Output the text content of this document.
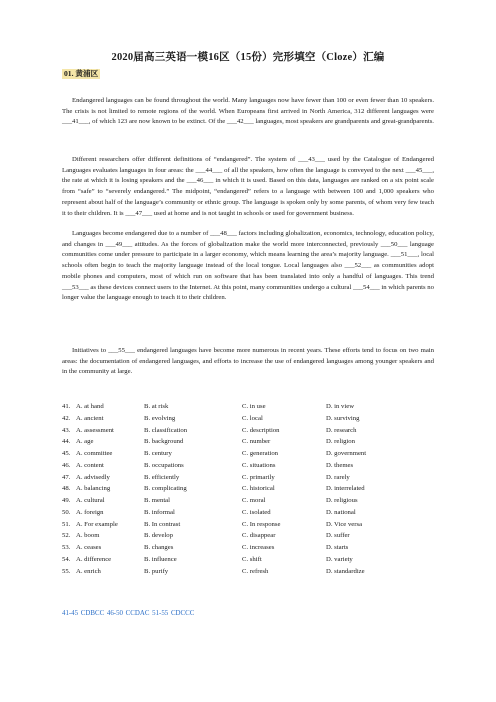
2020届高三英语一模16区（15份）完形填空（Cloze）汇编
01. 黄浦区

Endangered languages can be found throughout the world. Many languages now have fewer than 100 or even fewer than 10 speakers. The crisis is not limited to remote regions of the world. When Europeans first arrived in North America, 312 different languages were ___41___, of which 123 are now known to be extinct. Of the ___42___ languages, most speakers are grandparents and great-grandparents.

Different researchers offer different definitions of “endangered”. The system of ___43___ used by the Catalogue of Endangered Languages evaluates languages in four areas: the ___44___ of all the speakers, how often the language is conveyed to the next ___45___, the rate at which it is losing speakers and the ___46___ in which it is used. Based on this data, languages are ranked on a six point scale from “safe” to “severely endangered.” The midpoint, “endangered” refers to a language with between 100 and 1,000 speakers who represent about half of the language’s community or ethnic group. The language is spoken only by some parents, of whom very few teach it to their children. It is ___47___ used at home and is not taught in schools or used for government business.

Languages become endangered due to a number of ___48___ factors including globalization, economics, technology, education policy, and changes in ___49___ attitudes. As the forces of globalization make the world more interconnected, previously ___50___ language communities come under pressure to participate in a larger economy, which means learning the area’s majority language. ___51___, local schools often begin to teach the majority language instead of the local tongue. Local languages also ___52___ as communities adopt mobile phones and computers, most of which run on software that has been translated into only a handful of languages. This trend ___53___ as these devices connect users to the Internet. At this point, many communities undergo a cultural ___54___ in which parents no longer value the language enough to teach it to their children.

Initiatives to ___55___ endangered languages have become more numerous in recent years. These efforts tend to focus on two main areas: the documentation of endangered languages, and efforts to increase the use of endangered languages among younger speakers and in the community at large.

41. A. at hand	B. at risk	C. in use	D. in view
42. A. ancient	B. evolving	C. local	D. surviving
43. A. assessment	B. classification	C. description	D. research
44. A. age	B. background	C. number	D. religion
45. A. committee	B. century	C. generation	D. government
46. A. content	B. occupations	C. situations	D. themes
47. A. advisedly	B. efficiently	C. primarily	D. rarely
48. A. balancing	B. complicating	C. historical	D. interrelated
49. A. cultural	B. mental	C. moral	D. religious
50. A. foreign	B. informal	C. isolated	D. national
51. A. For example	B. In contrast	C. In response	D. Vice versa
52. A. boom	B. develop	C. disappear	D. suffer
53. A. ceases	B. changes	C. increases	D. starts
54. A. difference	B. influence	C. shift	D. variety
55. A. enrich	B. purify	C. refresh	D. standardize
41-45 CDBCC 46-50 CCDAC 51-55 CDCCC
